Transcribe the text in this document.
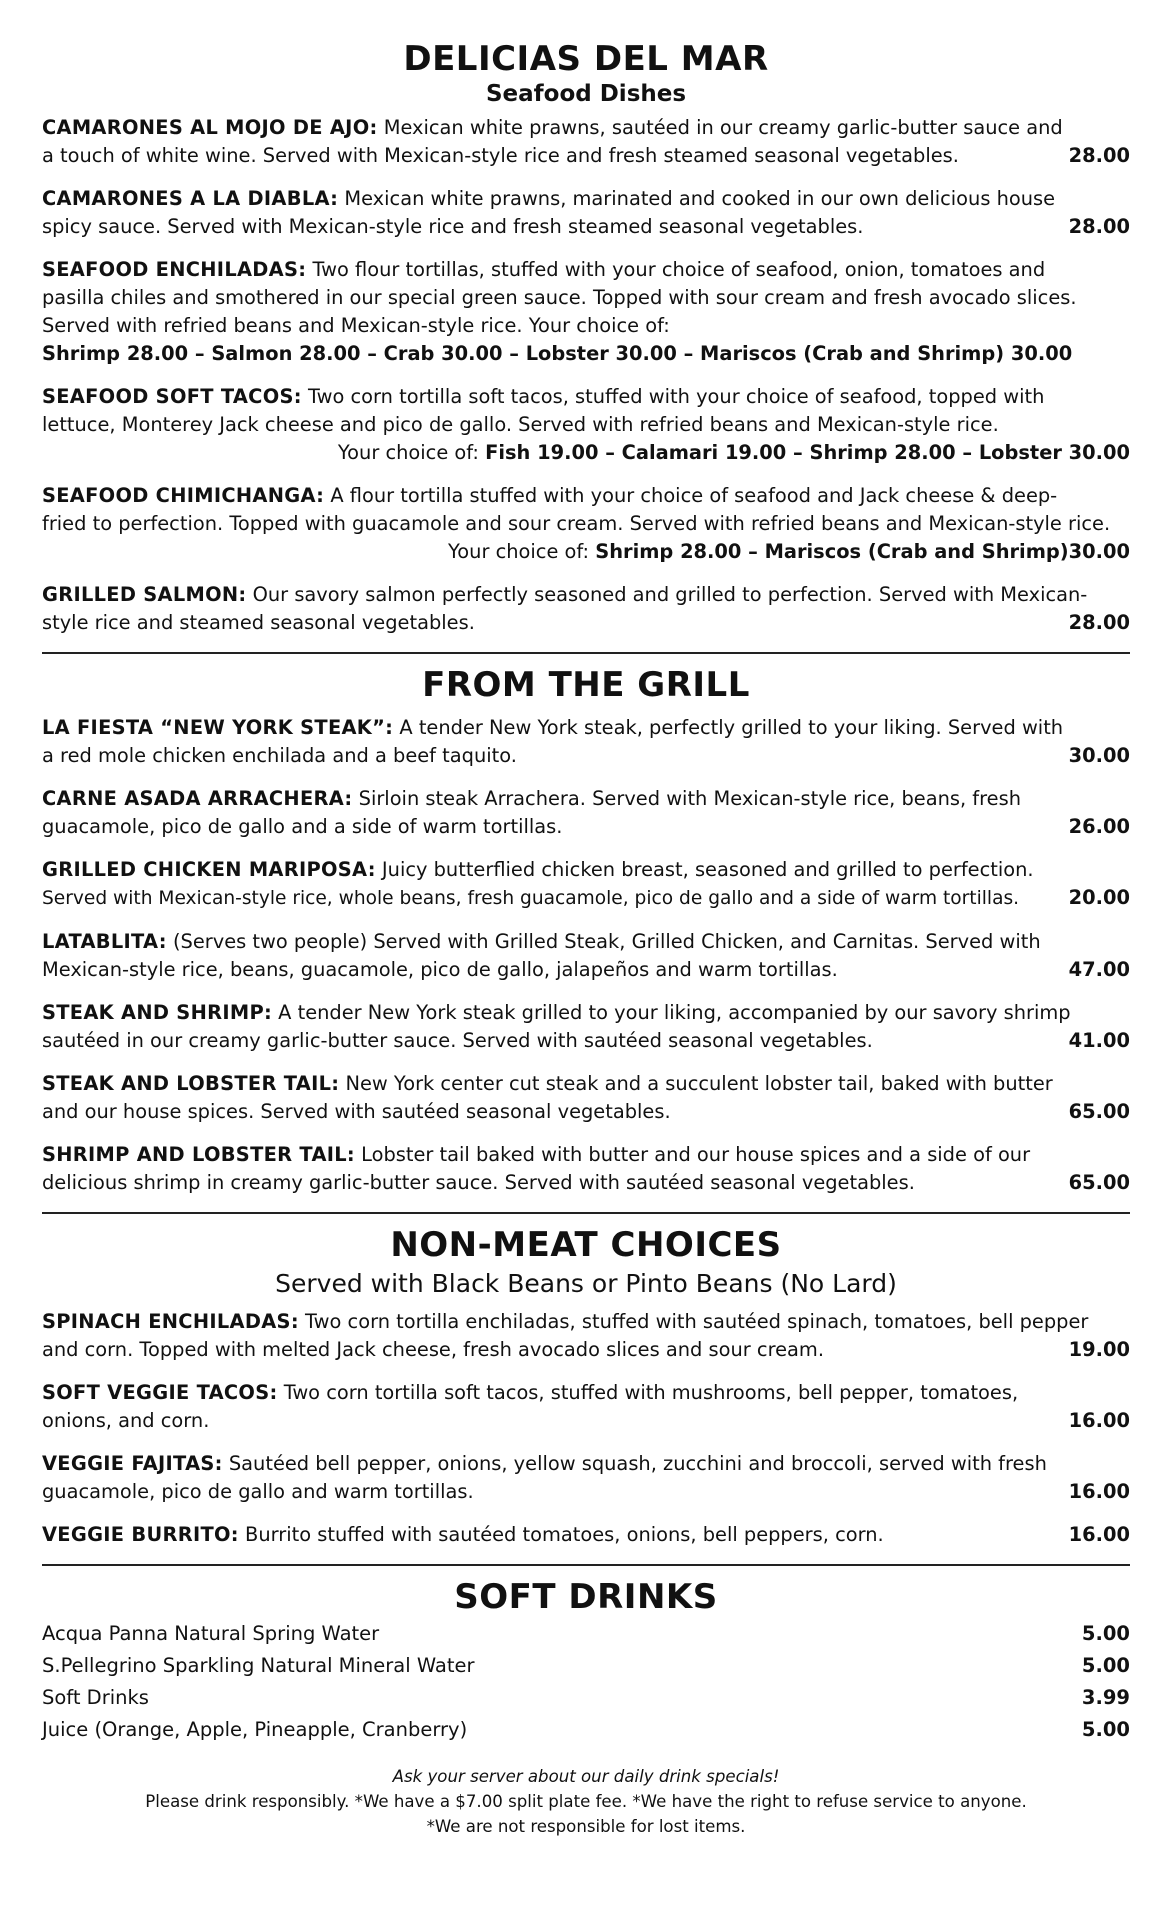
DELICIAS DEL MAR
Seafood Dishes
CAMARONES AL MOJO DE AJO: Mexican white prawns, sautéed in our creamy garlic-butter sauce and
a touch of white wine. Served with Mexican-style rice and fresh steamed seasonal vegetables.	28.00
CAMARONES A LA DIABLA: Mexican white prawns, marinated and cooked in our own delicious house
spicy sauce. Served with Mexican-style rice and fresh steamed seasonal vegetables.	28.00
SEAFOOD ENCHILADAS: Two flour tortillas, stuffed with your choice of seafood, onion, tomatoes and
pasilla chiles and smothered in our special green sauce. Topped with sour cream and fresh avocado slices.
Served with refried beans and Mexican-style rice. Your choice of:
Shrimp 28.00 – Salmon 28.00 – Crab 30.00 – Lobster 30.00 – Mariscos (Crab and Shrimp) 30.00
SEAFOOD SOFT TACOS: Two corn tortilla soft tacos, stuffed with your choice of seafood, topped with
lettuce, Monterey Jack cheese and pico de gallo. Served with refried beans and Mexican-style rice.
Your choice of: Fish 19.00 – Calamari 19.00 – Shrimp 28.00 – Lobster 30.00
SEAFOOD CHIMICHANGA: A flour tortilla stuffed with your choice of seafood and Jack cheese & deep-
fried to perfection. Topped with guacamole and sour cream. Served with refried beans and Mexican-style rice.
Your choice of: Shrimp 28.00 – Mariscos (Crab and Shrimp)30.00
GRILLED SALMON: Our savory salmon perfectly seasoned and grilled to perfection. Served with Mexican-
style rice and steamed seasonal vegetables.	28.00
FROM THE GRILL
LA FIESTA “NEW YORK STEAK”: A tender New York steak, perfectly grilled to your liking. Served with
a red mole chicken enchilada and a beef taquito.	30.00
CARNE ASADA ARRACHERA: Sirloin steak Arrachera. Served with Mexican-style rice, beans, fresh
guacamole, pico de gallo and a side of warm tortillas.	26.00
GRILLED CHICKEN MARIPOSA: Juicy butterflied chicken breast, seasoned and grilled to perfection.
Served with Mexican-style rice, whole beans, fresh guacamole, pico de gallo and a side of warm tortillas.	20.00
LATABLITA: (Serves two people) Served with Grilled Steak, Grilled Chicken, and Carnitas. Served with
Mexican-style rice, beans, guacamole, pico de gallo, jalapeños and warm tortillas.	47.00
STEAK AND SHRIMP: A tender New York steak grilled to your liking, accompanied by our savory shrimp
sautéed in our creamy garlic-butter sauce. Served with sautéed seasonal vegetables.	41.00
STEAK AND LOBSTER TAIL: New York center cut steak and a succulent lobster tail, baked with butter
and our house spices. Served with sautéed seasonal vegetables.	65.00
SHRIMP AND LOBSTER TAIL: Lobster tail baked with butter and our house spices and a side of our
delicious shrimp in creamy garlic-butter sauce. Served with sautéed seasonal vegetables.	65.00
NON-MEAT CHOICES
Served with Black Beans or Pinto Beans (No Lard)
SPINACH ENCHILADAS: Two corn tortilla enchiladas, stuffed with sautéed spinach, tomatoes, bell pepper
and corn. Topped with melted Jack cheese, fresh avocado slices and sour cream.	19.00
SOFT VEGGIE TACOS: Two corn tortilla soft tacos, stuffed with mushrooms, bell pepper, tomatoes,
onions, and corn.	16.00
VEGGIE FAJITAS: Sautéed bell pepper, onions, yellow squash, zucchini and broccoli, served with fresh
guacamole, pico de gallo and warm tortillas.	16.00
VEGGIE BURRITO: Burrito stuffed with sautéed tomatoes, onions, bell peppers, corn.	16.00
SOFT DRINKS
Acqua Panna Natural Spring Water	5.00
S.Pellegrino Sparkling Natural Mineral Water	5.00
Soft Drinks	3.99
Juice (Orange, Apple, Pineapple, Cranberry)	5.00
Ask your server about our daily drink specials!
Please drink responsibly. *We have a $7.00 split plate fee. *We have the right to refuse service to anyone.
*We are not responsible for lost items.
